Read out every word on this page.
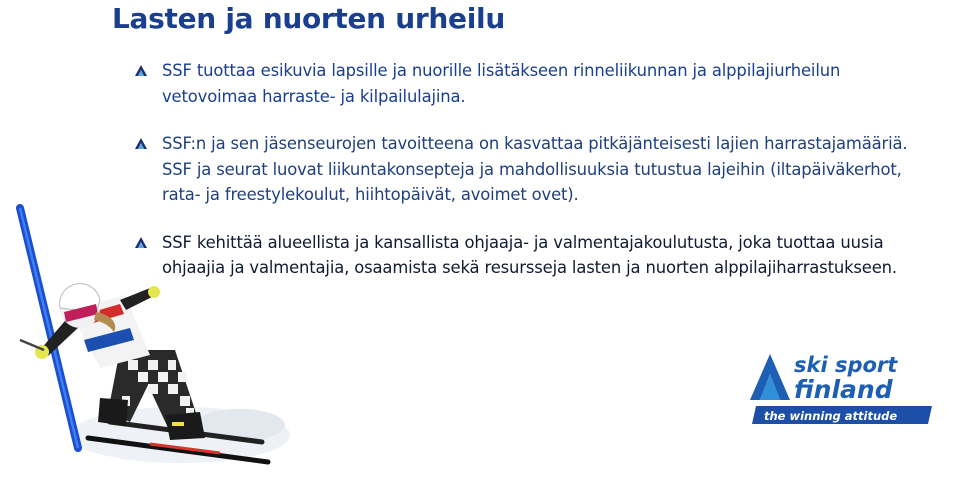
Lasten ja nuorten urheilu
SSF tuottaa esikuvia lapsille ja nuorille lisätäkseen rinneliikunnan ja alppilajiurheilun vetovoimaa harraste- ja kilpailulajina.
SSF:n ja sen jäsenseurojen tavoitteena on kasvattaa pitkäjänteisesti lajien harrastajamääriä. SSF ja seurat luovat liikuntakonsepteja ja mahdollisuuksia tutustua lajeihin (iltapäiväkerhot, rata- ja freestylekoulut, hiihtopäivät, avoimet ovet).
SSF kehittää alueellista ja kansallista ohjaaja- ja valmentajakoulutusta, joka tuottaa uusia ohjaajia ja valmentajia, osaamista sekä resursseja lasten ja nuorten alppilajiharrastukseen.
ski sport
finland
the winning attitude
